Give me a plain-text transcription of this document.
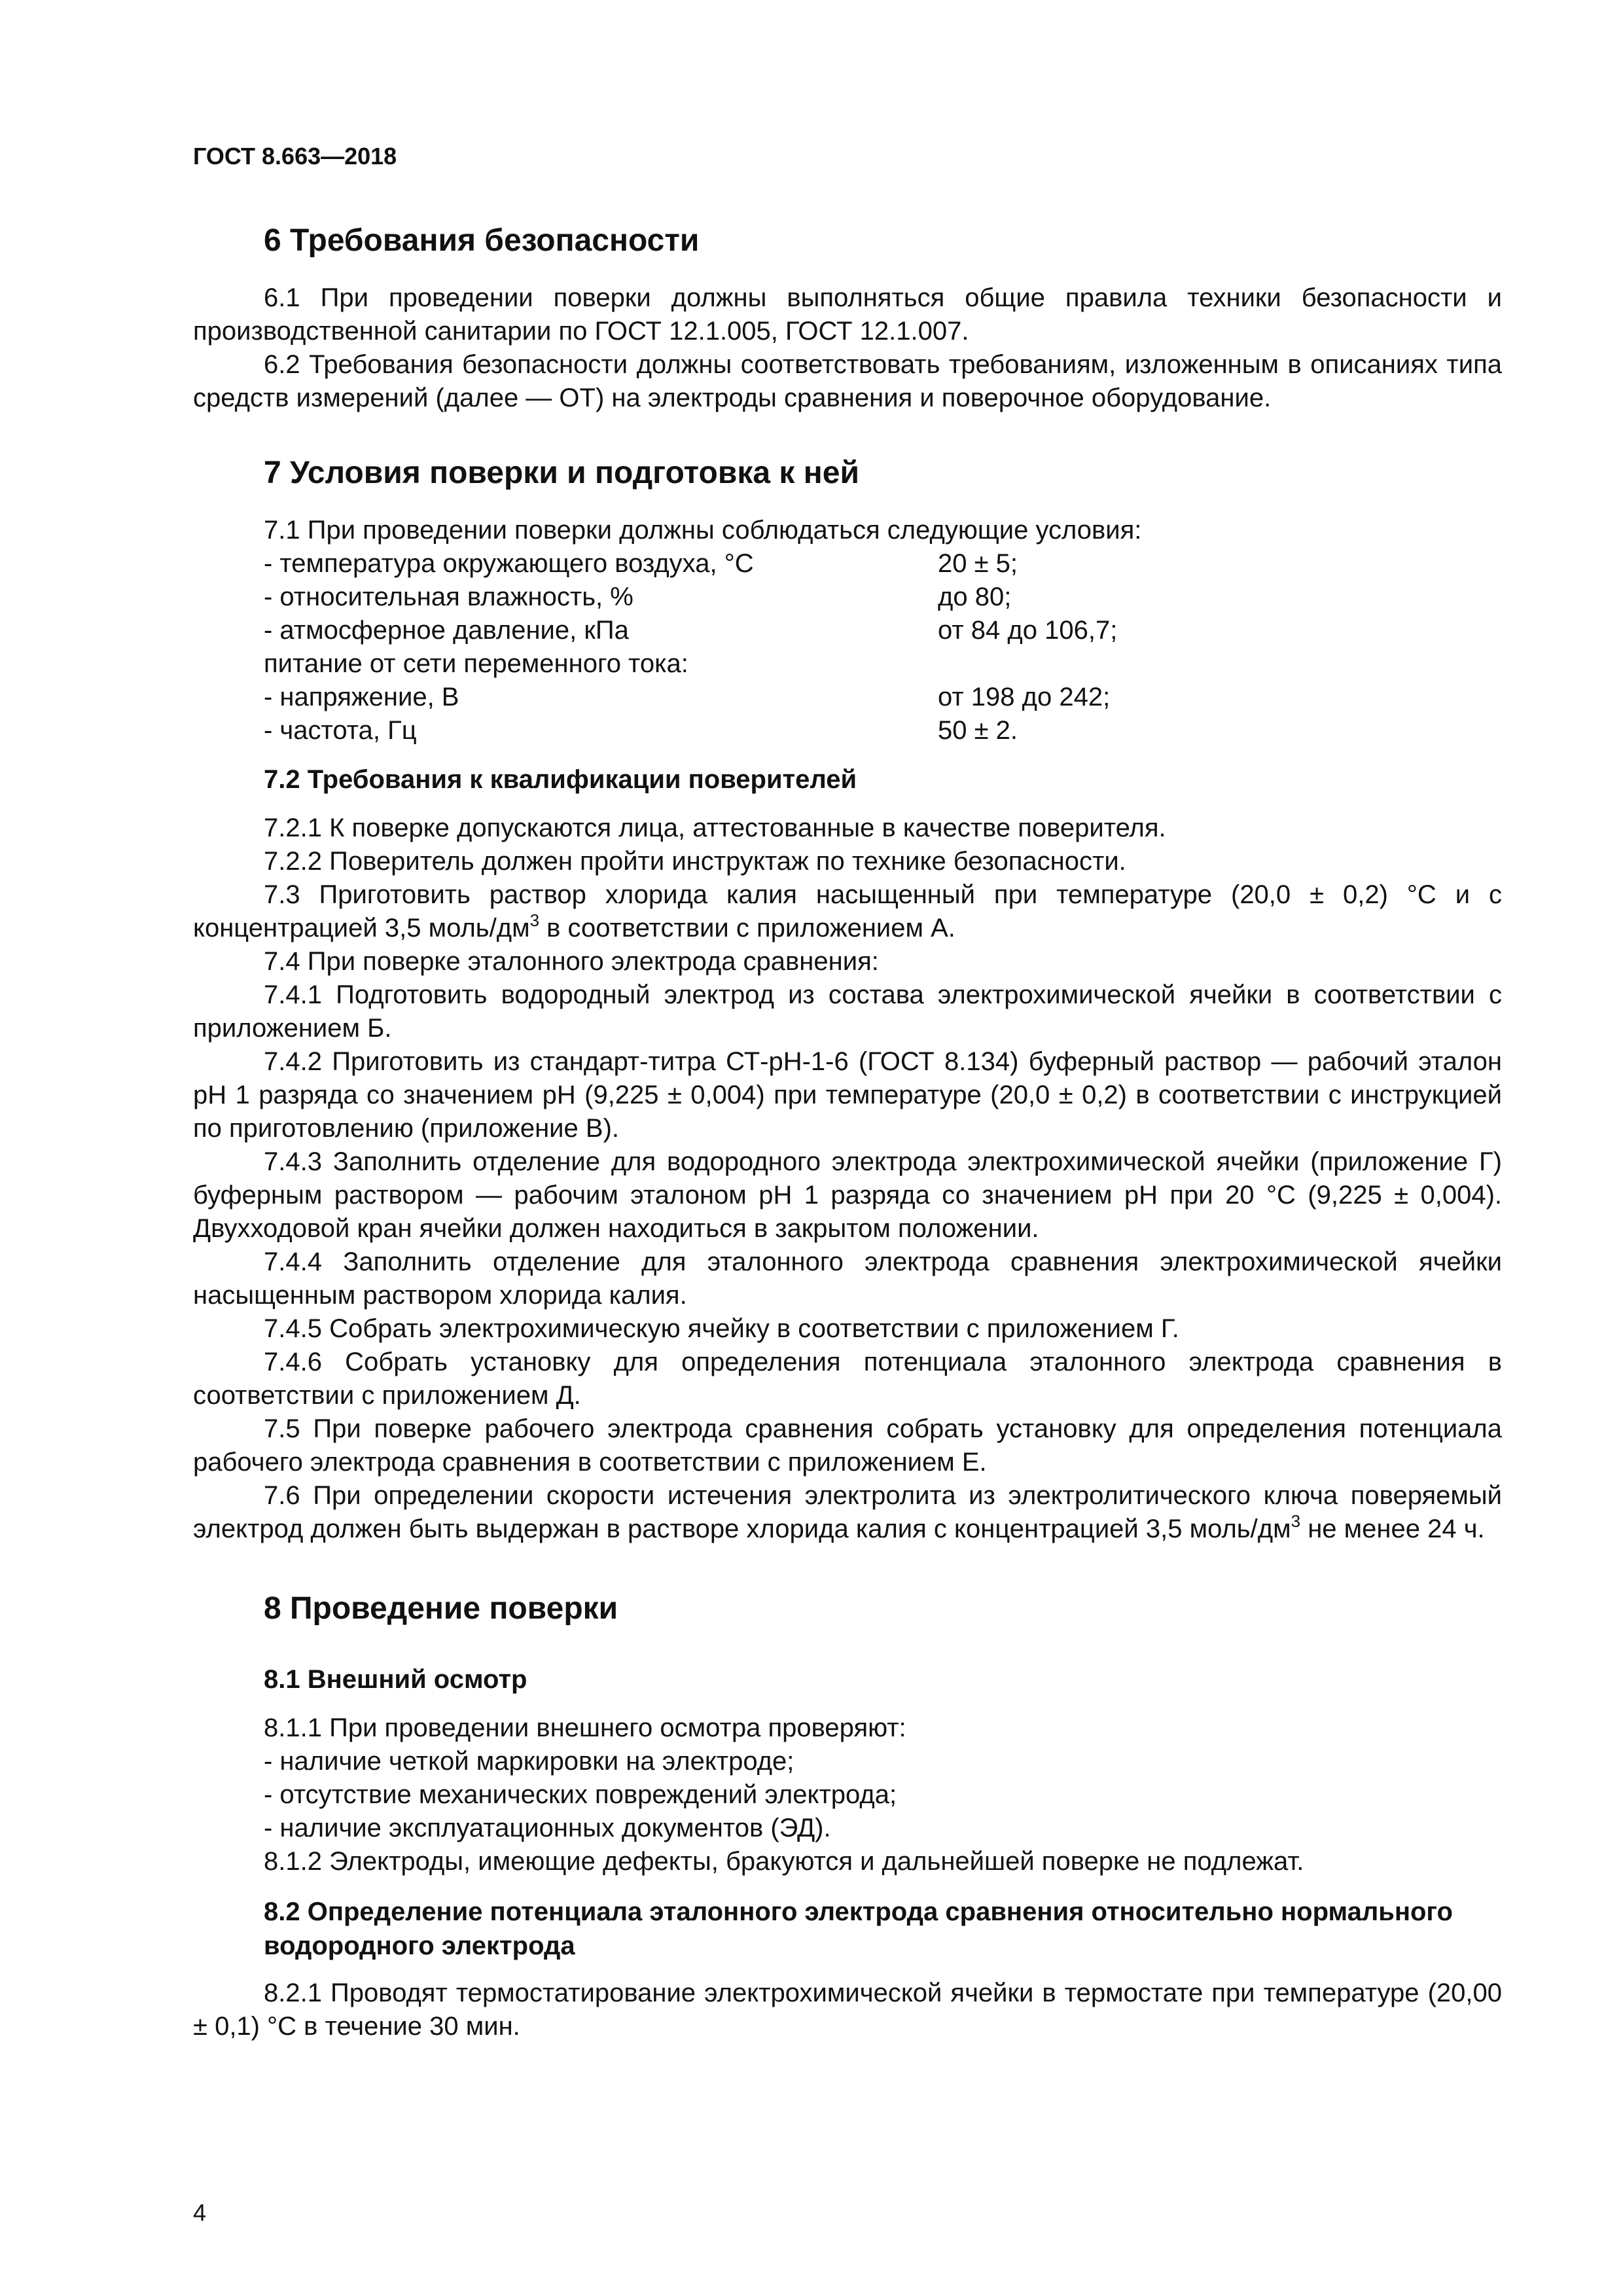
ГОСТ 8.663—2018
6 Требования безопасности

6.1 При проведении поверки должны выполняться общие правила техники безопасности и производственной санитарии по ГОСТ 12.1.005, ГОСТ 12.1.007.

6.2 Требования безопасности должны соответствовать требованиям, изложенным в описаниях типа средств измерений (далее — ОТ) на электроды сравнения и поверочное оборудование.

7 Условия поверки и подготовка к ней

7.1 При проведении поверки должны соблюдаться следующие условия:

- температура окружающего воздуха, °С	20 ± 5;
- относительная влажность, %	до 80;
- атмосферное давление, кПа	от 84 до 106,7;
питание от сети переменного тока:
- напряжение, В	от 198 до 242;
- частота, Гц	50 ± 2.
7.2 Требования к квалификации поверителей

7.2.1 К поверке допускаются лица, аттестованные в качестве поверителя.

7.2.2 Поверитель должен пройти инструктаж по технике безопасности.

7.3 Приготовить раствор хлорида калия насыщенный при температуре (20,0 ± 0,2) °С и с концентрацией 3,5 моль/$дм^3$ в соответствии с приложением А.

7.4 При поверке эталонного электрода сравнения:

7.4.1 Подготовить водородный электрод из состава электрохимической ячейки в соответствии с приложением Б.

7.4.2 Приготовить из стандарт-титра СТ-рН-1-6 (ГОСТ 8.134) буферный раствор — рабочий эталон рН 1 разряда со значением рН (9,225 ± 0,004) при температуре (20,0 ± 0,2) в соответствии с инструкцией по приготовлению (приложение В).

7.4.3 Заполнить отделение для водородного электрода электрохимической ячейки (приложение Г) буферным раствором — рабочим эталоном рН 1 разряда со значением рН при 20 °С (9,225 ± 0,004). Двухходовой кран ячейки должен находиться в закрытом положении.

7.4.4 Заполнить отделение для эталонного электрода сравнения электрохимической ячейки насыщенным раствором хлорида калия.

7.4.5 Собрать электрохимическую ячейку в соответствии с приложением Г.

7.4.6 Собрать установку для определения потенциала эталонного электрода сравнения в соответствии с приложением Д.

7.5 При поверке рабочего электрода сравнения собрать установку для определения потенциала рабочего электрода сравнения в соответствии с приложением Е.

7.6 При определении скорости истечения электролита из электролитического ключа поверяемый электрод должен быть выдержан в растворе хлорида калия с концентрацией 3,5 моль/$дм^3$ не менее 24 ч.

8 Проведение поверки
8.1 Внешний осмотр

8.1.1 При проведении внешнего осмотра проверяют:

- наличие четкой маркировки на электроде;

- отсутствие механических повреждений электрода;

- наличие эксплуатационных документов (ЭД).

8.1.2 Электроды, имеющие дефекты, бракуются и дальнейшей поверке не подлежат.

8.2 Определение потенциала эталонного электрода сравнения относительно нормального водородного электрода

8.2.1 Проводят термостатирование электрохимической ячейки в термостате при температуре (20,00 ± 0,1) °С в течение 30 мин.

4
